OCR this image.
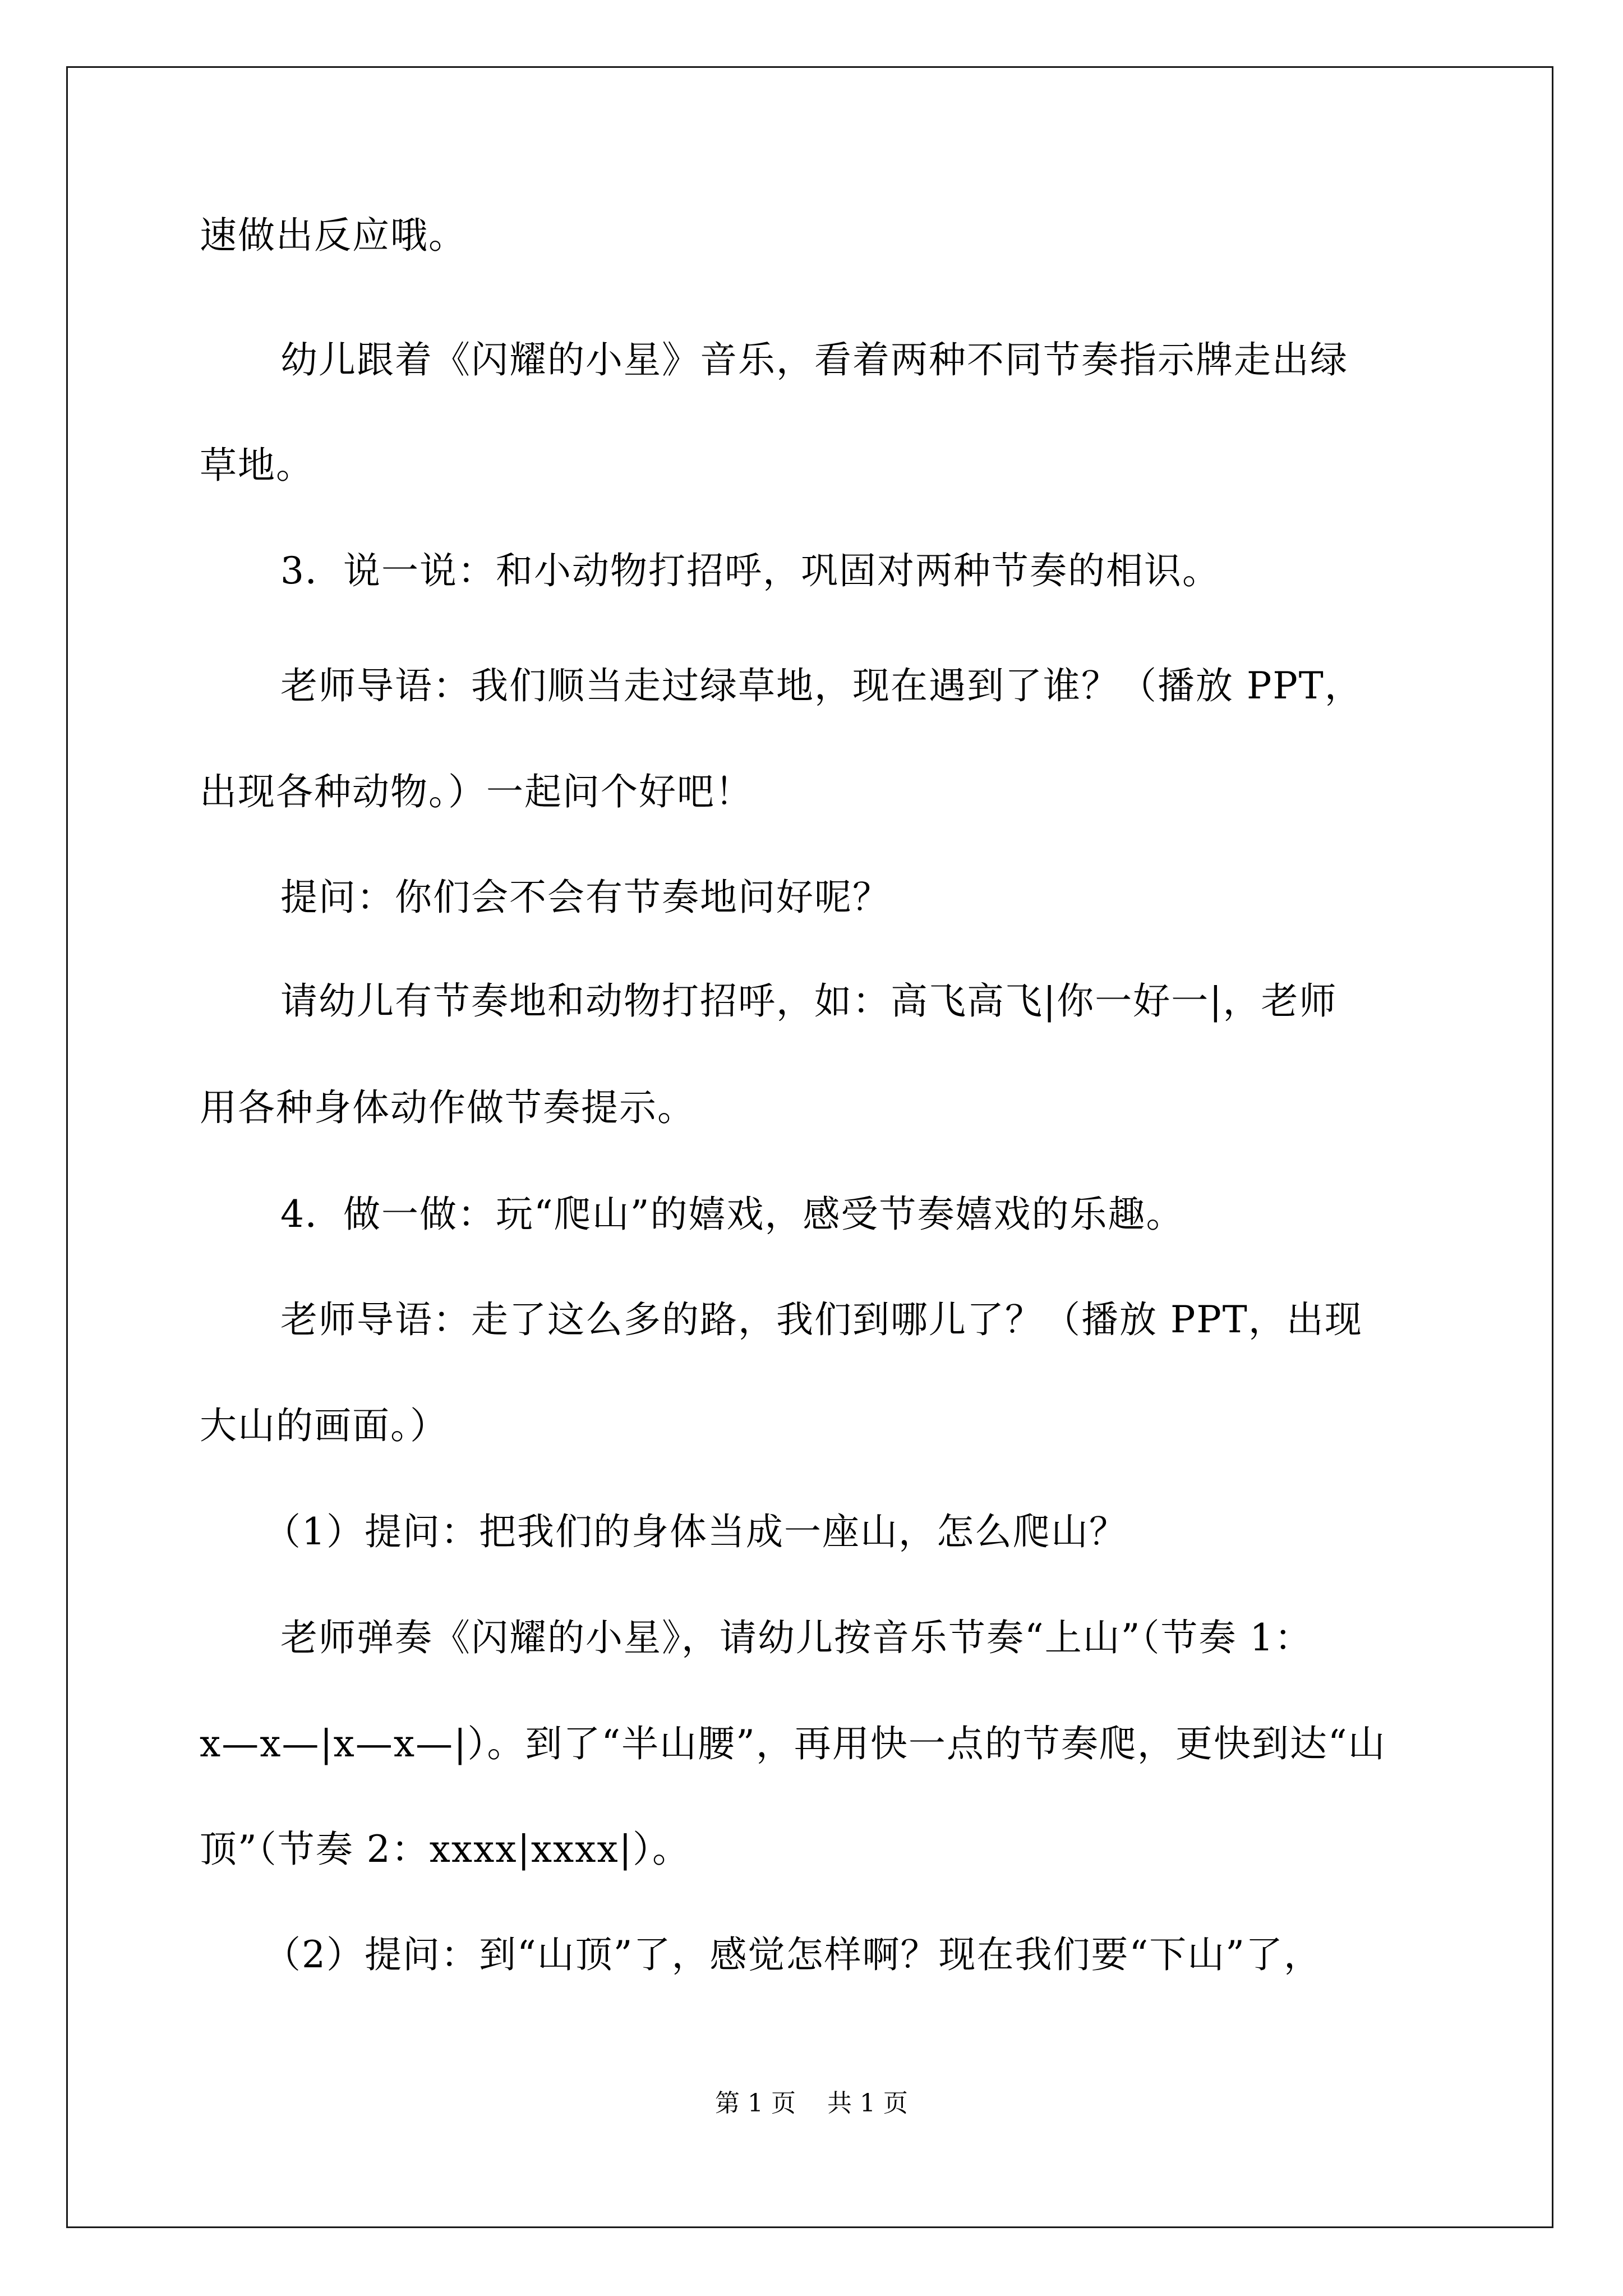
速做出反应哦。
幼儿跟着《闪耀的小星》音乐，看着两种不同节奏指示牌走出绿
草地。
3．说一说：和小动物打招呼，巩固对两种节奏的相识。
老师导语：我们顺当走过绿草地，现在遇到了谁？（播放 PPT，
出现各种动物。）一起问个好吧！
提问：你们会不会有节奏地问好呢？
请幼儿有节奏地和动物打招呼，如：高飞高飞|你一好一|，老师
用各种身体动作做节奏提示。
4．做一做：玩“爬山”的嬉戏，感受节奏嬉戏的乐趣。
老师导语：走了这么多的路，我们到哪儿了？（播放 PPT，出现
大山的画面。）
（1）提问：把我们的身体当成一座山，怎么爬山？
老师弹奏《闪耀的小星》，请幼儿按音乐节奏“上山”（节奏 1：
x—x—|x—x—|）。到了“半山腰”，再用快一点的节奏爬，更快到达“山
顶”（节奏 2：xxxx|xxxx|）。
（2）提问：到“山顶”了，感觉怎样啊？现在我们要“下山”了，
第 1 页    共 1 页
